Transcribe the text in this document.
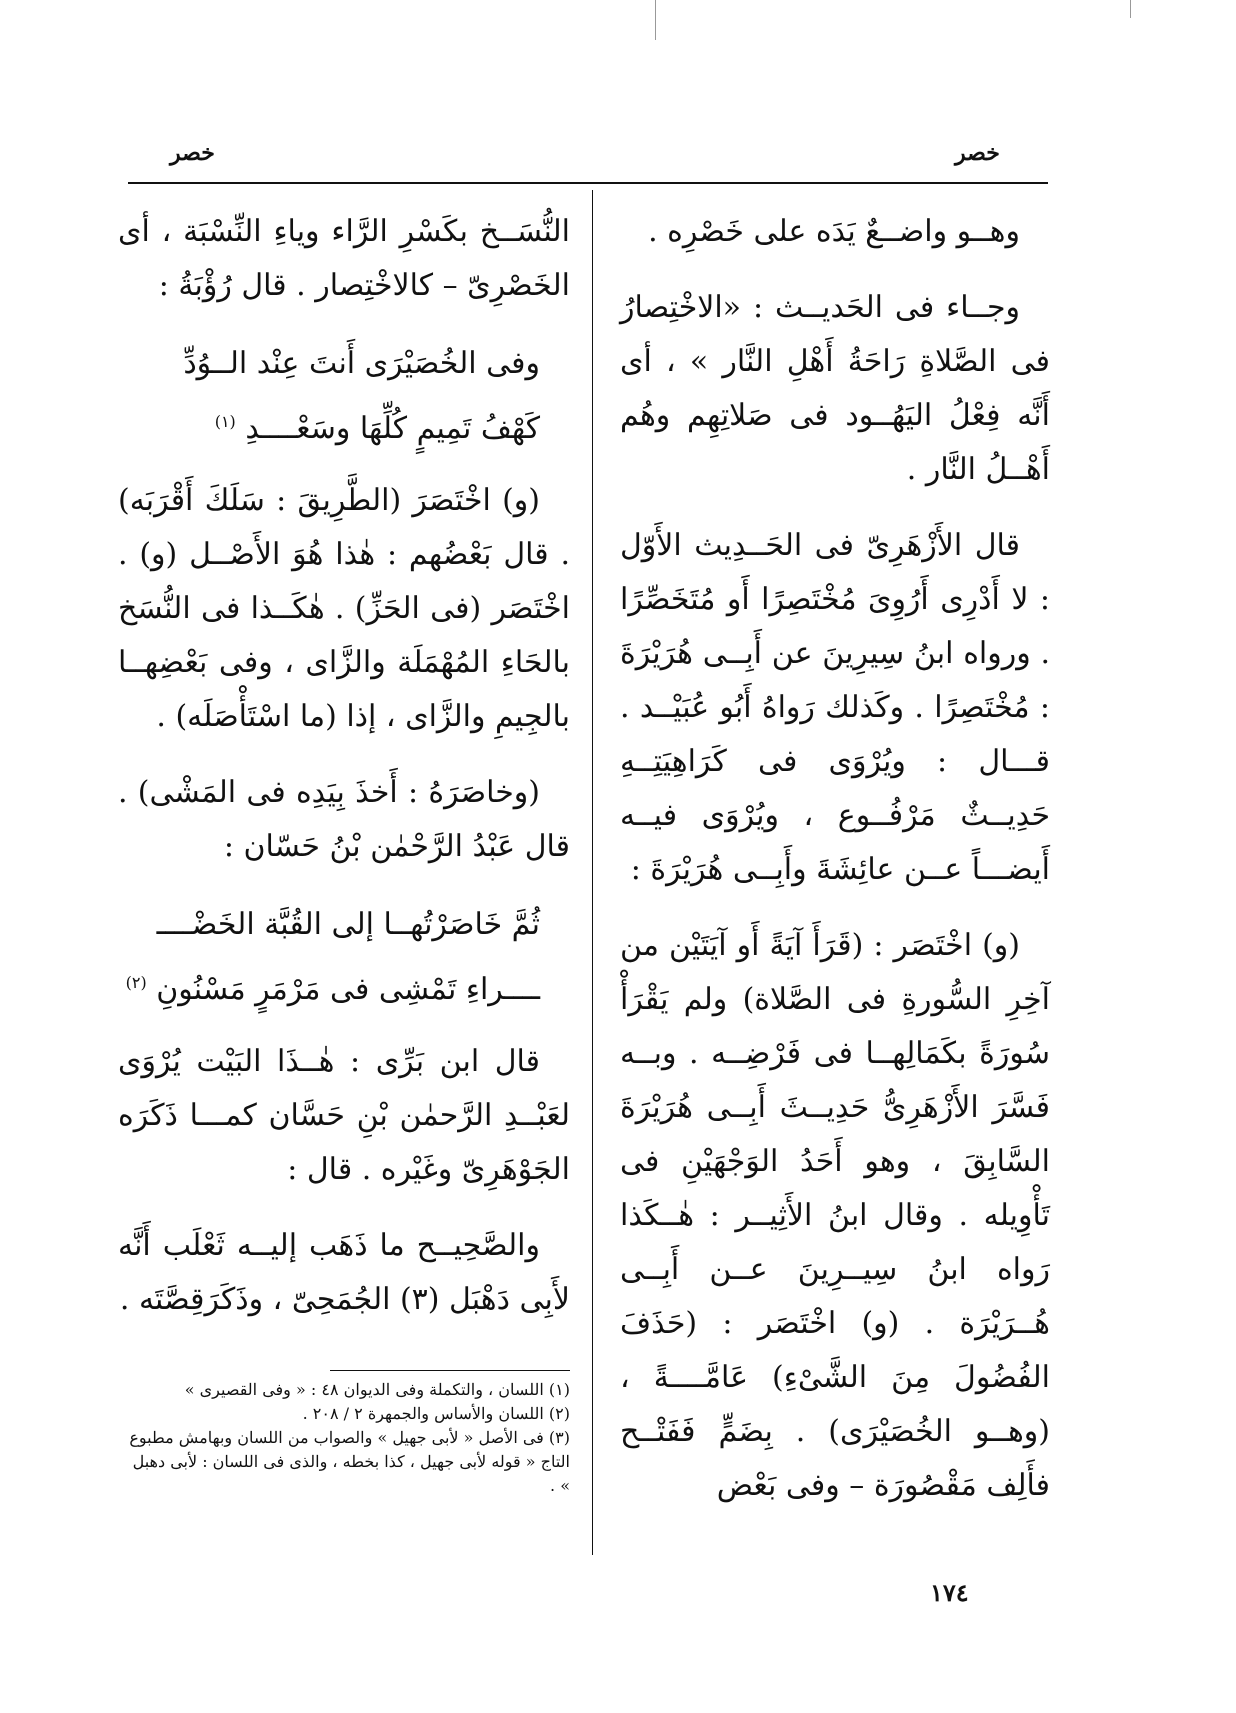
خصر
خصر

وهــو واضــعٌ يَدَه على خَصْرِه .

وجــاء فى الحَديــث : «الاخْتِصارُ فى الصَّلاةِ رَاحَةُ أَهْلِ النَّار » ، أى أَنَّه فِعْلُ اليَهُــود فى صَلاتِهِم وهُم أَهْــلُ النَّار .

قال الأَزْهَرِىّ فى الحَــدِيث الأَوّل : لا أَدْرِى أَرُوِىَ مُخْتَصِرًا أَو مُتَخَصِّرًا . ورواه ابنُ سِيرِينَ عن أَبِــى هُرَيْرَةَ : مُخْتَصِرًا . وكَذلك رَواهُ أَبُو عُبَيْــد . قـــال : ويُرْوَى فى كَرَاهِيَتِــهِ حَدِيــثٌ مَرْفُــوع ، ويُرْوَى فيــه أَيضـــاً عــن عائِشَةَ وأَبِــى هُرَيْرَةَ :

(و) اخْتَصَر : (قَرَأَ آيَةً أَو آيَتَيْن من آخِرِ السُّورةِ فى الصَّلاة) ولم يَقْرَأْ سُورَةً بكَمَالِهــا فى فَرْضِــه . وبــه فَسَّرَ الأَزْهَرِىُّ حَدِيــثَ أَبِــى هُرَيْرَةَ السَّابِقَ ، وهو أَحَدُ الوَجْهَيْنِ فى تَأْوِيله . وقال ابنُ الأَثِيــر : هٰــكَذا رَواه ابنُ سِيــرِينَ عــن أَبِــى هُــرَيْرَة . (و) اخْتَصَر : (حَذَفَ الفُضُولَ مِنَ الشَّىْءِ) عَامَّــــةً ، (وهــو الخُصَيْرَى) . بِضَمٍّ فَفَتْــح فأَلِف مَقْصُورَة – وفى بَعْض

النُّسَــخ بكَسْرِ الرَّاء وياءِ النِّسْبَة ، أى الخَصْرِىّ – كالاخْتِصار . قال رُؤْبَةُ :

وفى الخُصَيْرَى أَنتَ عِنْد الــوُدِّ
كَهْفُ تَمِيمٍ كُلِّهَا وسَعْــــدِ $^{(١)}$

(و) اخْتَصَرَ (الطَّرِيقَ : سَلَكَ أَقْرَبَه) . قال بَعْضُهم : هٰذا هُوَ الأَصْــل (و) . اخْتَصَر (فى الحَزِّ) . هٰكَــذا فى النُّسَخ بالحَاءِ المُهْمَلَة والزَّاى ، وفى بَعْضِهــا بالجِيمِ والزَّاى ، إذا (ما اسْتَأْصَلَه) .

(وخاصَرَهُ : أَخذَ بِيَدِه فى المَشْى) . قال عَبْدُ الرَّحْمٰن بْنُ حَسّان :

ثُمَّ خَاصَرْتُهــا إلى القُبَّة الخَضْــــ
ــــراءِ تَمْشِى فى مَرْمَرٍ مَسْنُونِ $^{(٢)}$

قال ابن بَرِّى : هٰــذَا البَيْت يُرْوَى لعَبْــدِ الرَّحمٰن بْنِ حَسَّان كمـــا ذَكَرَه الجَوْهَرِىّ وغَيْره . قال :

والصَّحِيــح ما ذَهَب إليــه ثَعْلَب أَنَّه لأَبِى دَهْبَل (٣) الجُمَحِىّ ، وذَكَرَقِصَّتَه .

(١) اللسان ، والتكملة وفى الديوان ٤٨ : « وفى القصيرى »

(٢) اللسان والأساس والجمهرة ٢ / ٢٠٨ .

(٣) فى الأصل « لأبى جهيل » والصواب من اللسان وبهامش مطبوع التاج « قوله لأبى جهيل ، كذا بخطه ، والذى فى اللسان : لأبى دهبل » .

١٧٤
